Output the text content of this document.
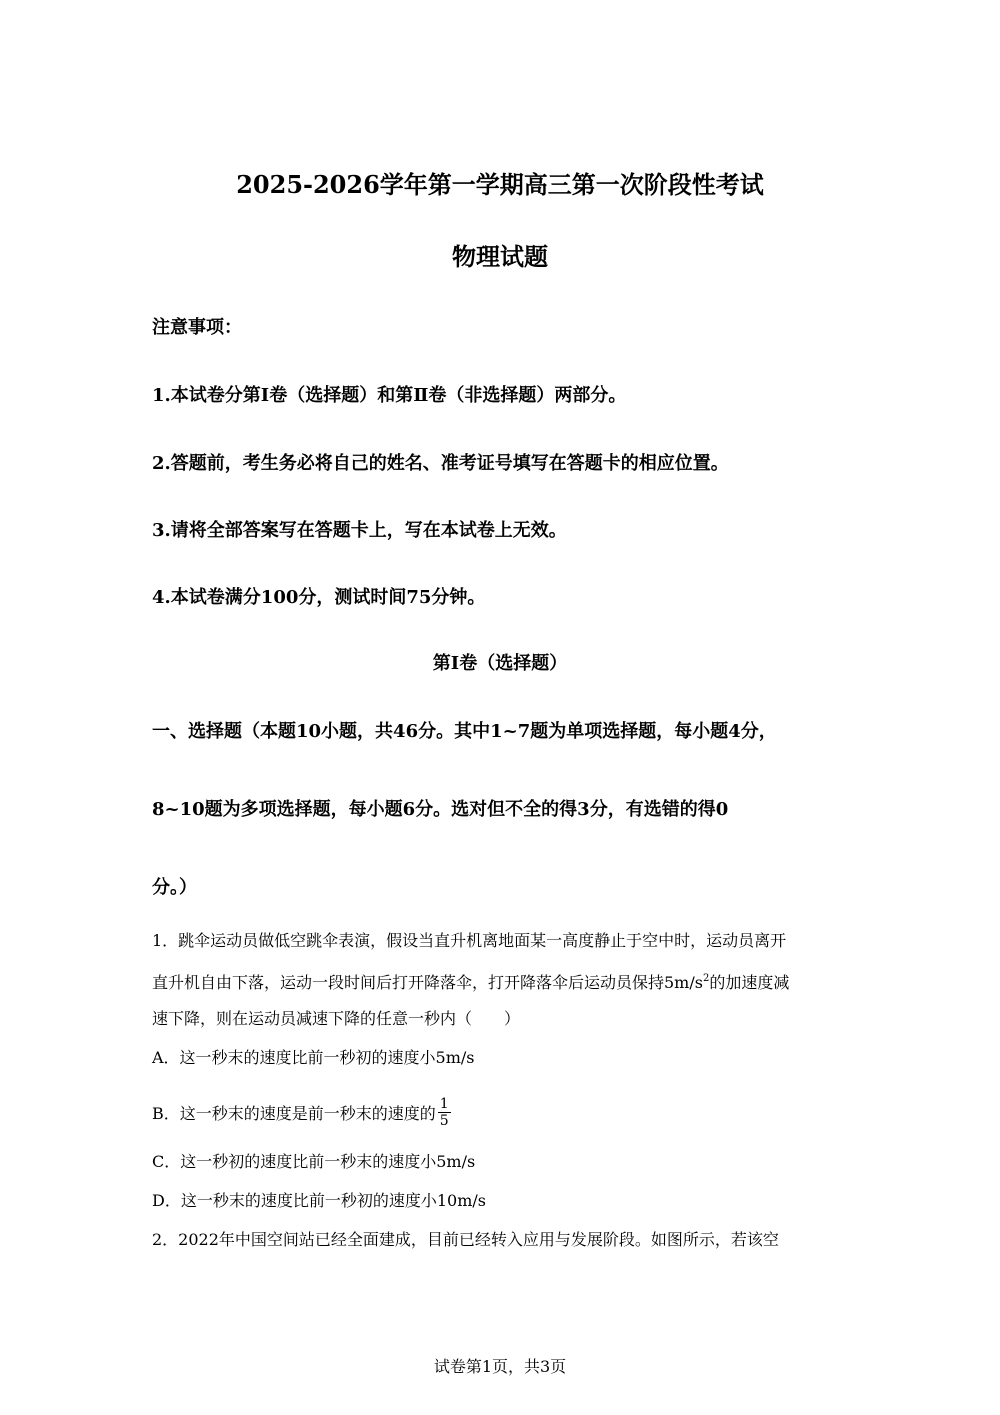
2025-2026学年第一学期高三第一次阶段性考试
物理试题
注意事项：
1.本试卷分第Ⅰ卷（选择题）和第Ⅱ卷（非选择题）两部分。
2.答题前，考生务必将自己的姓名、准考证号填写在答题卡的相应位置。
3.请将全部答案写在答题卡上，写在本试卷上无效。
4.本试卷满分100分，测试时间75分钟。
第Ⅰ卷（选择题）
一、选择题（本题10小题，共46分。其中1~7题为单项选择题，每小题4分，
8~10题为多项选择题，每小题6分。选对但不全的得3分，有选错的得0
分。）
1．跳伞运动员做低空跳伞表演，假设当直升机离地面某一高度静止于空中时，运动员离开
直升机自由下落，运动一段时间后打开降落伞，打开降落伞后运动员保持$5m/s^2$的加速度减
速下降，则在运动员减速下降的任意一秒内（　　）
A．这一秒末的速度比前一秒初的速度小5m/s
B．这一秒末的速度是前一秒末的速度的 $\frac{1}{5}$
C．这一秒初的速度比前一秒末的速度小5m/s
D．这一秒末的速度比前一秒初的速度小10m/s
2．2022年中国空间站已经全面建成，目前已经转入应用与发展阶段。如图所示，若该空
试卷第1页，共3页
